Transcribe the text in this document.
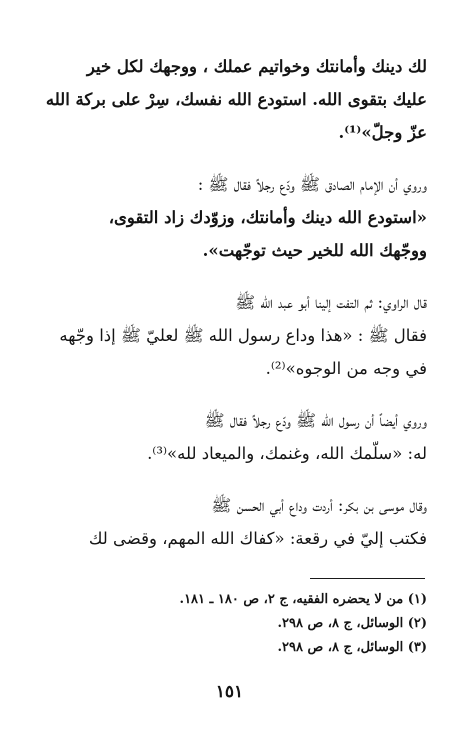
لك دينك وأمانتك وخواتيم عملك ، ووجهك لكل خير
عليك بتقوى الله. استودع الله نفسك، سِرْ على بركة الله
عزّ وجلّ»⁽¹⁾.
وروي أن الإمام الصادق ﷺ ودّع رجلاً فقال ﷺ :
«استودع الله دينك وأمانتك، وزوّدك زاد التقوى،
ووجّهك الله للخير حيث توجّهت».
قال الراوي: ثم التفت إلينا أبو عبد الله ﷺ
فقال ﷺ : «هذا وداع رسول الله ﷺ لعليّ ﷺ إذا وجّهه
في وجه من الوجوه»⁽²⁾.
وروي أيضاً أن رسول الله ﷺ ودّع رجلاً فقال ﷺ
له: «سلّمك الله، وغنمك، والميعاد لله»⁽³⁾.
وقال موسى بن بكر: أردت وداع أبي الحسن ﷺ
فكتب إليّ في رقعة: «كفاك الله المهم، وقضى لك
(١) من لا يحضره الفقيه، ج ٢، ص ١٨٠ ـ ١٨١.
(٢) الوسائل، ج ٨، ص ٢٩٨.
(٣) الوسائل، ج ٨، ص ٢٩٨.
١٥١
